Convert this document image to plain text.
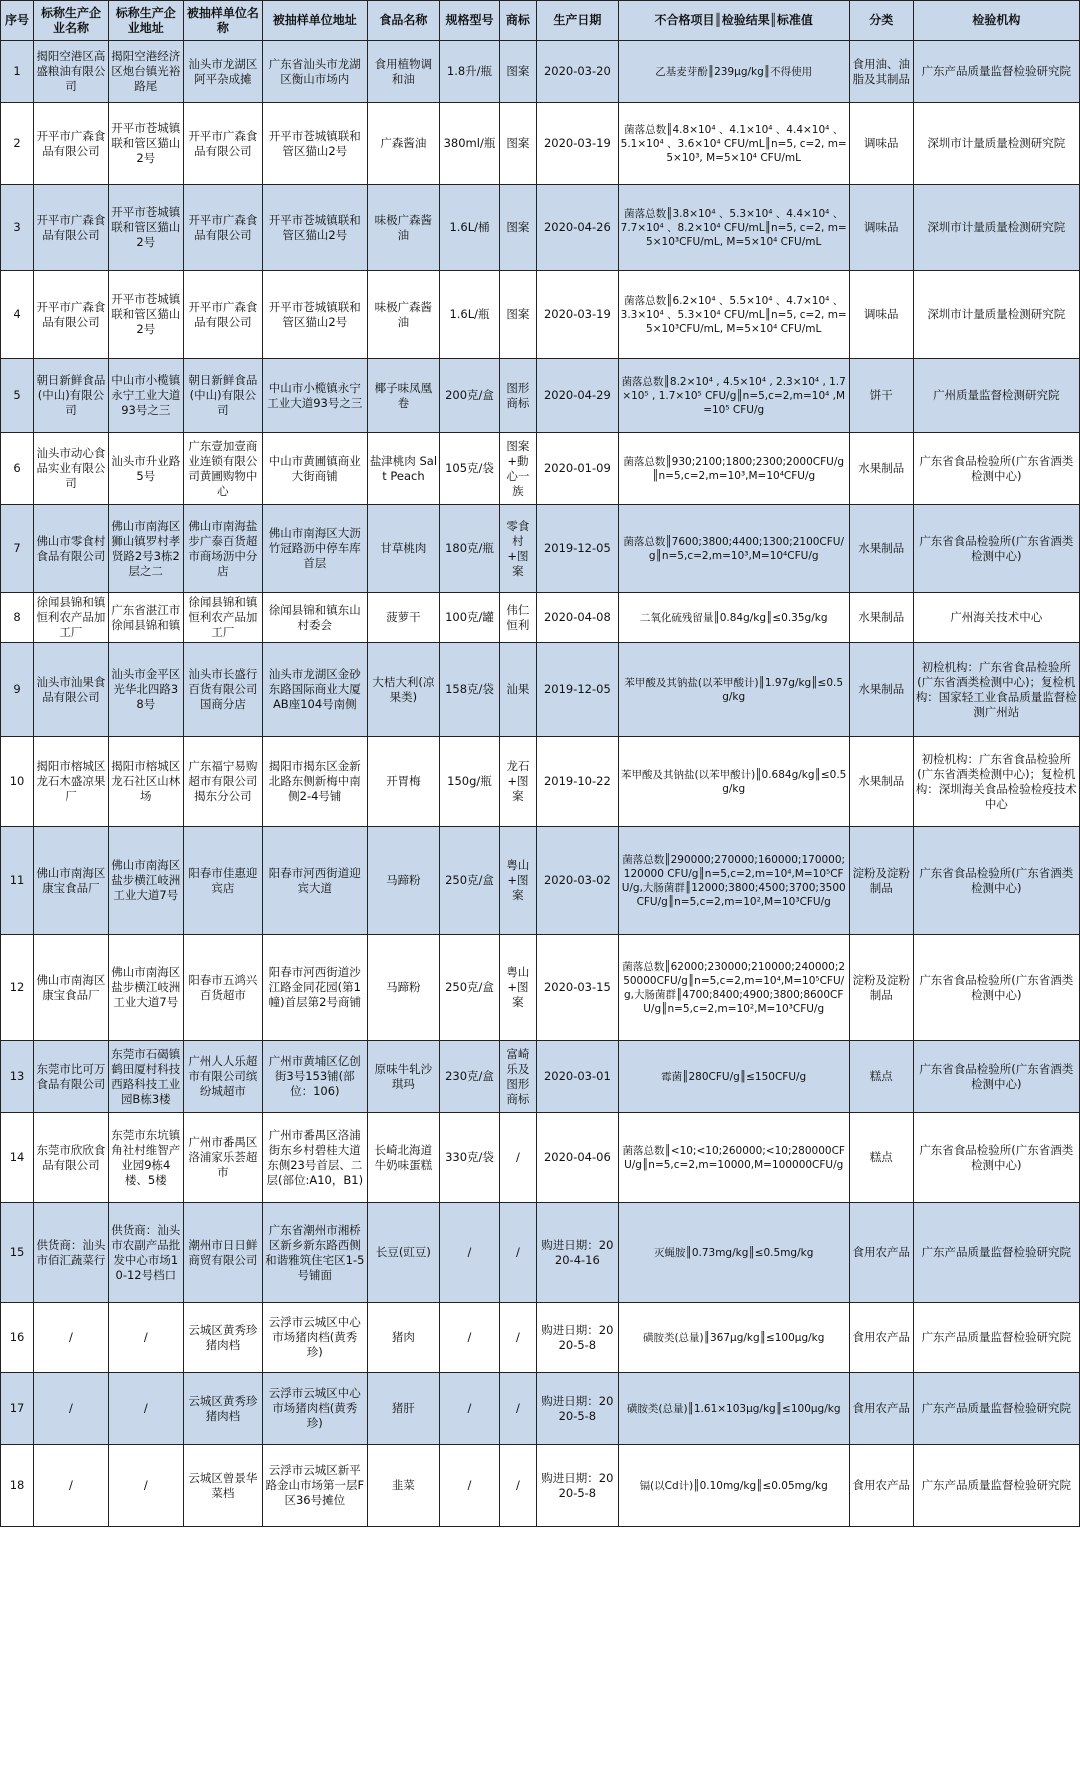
序号	标称生产企业名称	标称生产企业地址	被抽样单位名称	被抽样单位地址	食品名称	规格型号	商标	生产日期	不合格项目║检验结果║标准值	分类	检验机构
1	揭阳空港区高盛粮油有限公司	揭阳空港经济区炮台镇光裕路尾	汕头市龙湖区阿平杂成摊	广东省汕头市龙湖区衡山市场内	食用植物调和油	1.8升/瓶	图案	2020-03-20	乙基麦芽酚║239μg/kg║不得使用	食用油、油脂及其制品	广东产品质量监督检验研究院
2	开平市广森食品有限公司	开平市苍城镇联和管区猫山2号	开平市广森食品有限公司	开平市苍城镇联和管区猫山2号	广森酱油	380ml/瓶	图案	2020-03-19	菌落总数║4.8×10⁴ 、4.1×10⁴ 、4.4×10⁴ 、5.1×10⁴ 、3.6×10⁴ CFU/mL║n=5, c=2, m=5×10³, M=5×10⁴ CFU/mL	调味品	深圳市计量质量检测研究院
3	开平市广森食品有限公司	开平市苍城镇联和管区猫山2号	开平市广森食品有限公司	开平市苍城镇联和管区猫山2号	味极广森酱油	1.6L/桶	图案	2020-04-26	菌落总数║3.8×10⁴ 、5.3×10⁴ 、4.4×10⁴ 、7.7×10⁴ 、8.2×10⁴ CFU/mL║n=5, c=2, m=5×10³CFU/mL, M=5×10⁴ CFU/mL	调味品	深圳市计量质量检测研究院
4	开平市广森食品有限公司	开平市苍城镇联和管区猫山2号	开平市广森食品有限公司	开平市苍城镇联和管区猫山2号	味极广森酱油	1.6L/瓶	图案	2020-03-19	菌落总数║6.2×10⁴ 、5.5×10⁴ 、4.7×10⁴ 、3.3×10⁴ 、5.3×10⁴ CFU/mL║n=5, c=2, m=5×10³CFU/mL, M=5×10⁴ CFU/mL	调味品	深圳市计量质量检测研究院
5	朝日新鲜食品(中山)有限公司	中山市小榄镇永宁工业大道93号之三	朝日新鲜食品(中山)有限公司	中山市小榄镇永宁工业大道93号之三	椰子味凤凰卷	200克/盒	图形商标	2020-04-29	菌落总数║8.2×10⁴ , 4.5×10⁴ , 2.3×10⁴ , 1.7×10⁵ , 1.7×10⁵ CFU/g║n=5,c=2,m=10⁴ ,M=10⁵ CFU/g	饼干	广州质量监督检测研究院
6	汕头市动心食品实业有限公司	汕头市升业路5号	广东壹加壹商业连锁有限公司黄圃购物中心	中山市黄圃镇商业大街商铺	盐津桃肉 Salt Peach	105克/袋	图案+動心一族	2020-01-09	菌落总数║930;2100;1800;2300;2000CFU/g║n=5,c=2,m=10³,M=10⁴CFU/g	水果制品	广东省食品检验所(广东省酒类检测中心)
7	佛山市零食村食品有限公司	佛山市南海区狮山镇罗村孝贤路2号3栋2层之二	佛山市南海盐步广泰百货超市商场沥中分店	佛山市南海区大沥竹冠路沥中停车库首层	甘草桃肉	180克/瓶	零食村+图案	2019-12-05	菌落总数║7600;3800;4400;1300;2100CFU/g║n=5,c=2,m=10³,M=10⁴CFU/g	水果制品	广东省食品检验所(广东省酒类检测中心)
8	徐闻县锦和镇恒利农产品加工厂	广东省湛江市徐闻县锦和镇	徐闻县锦和镇恒利农产品加工厂	徐闻县锦和镇东山村委会	菠萝干	100克/罐	伟仁恒利	2020-04-08	二氧化硫残留量║0.84g/kg║≤0.35g/kg	水果制品	广州海关技术中心
9	汕头市汕果食品有限公司	汕头市金平区光华北四路38号	汕头市长盛行百货有限公司国商分店	汕头市龙湖区金砂东路国际商业大厦AB座104号南侧	大桔大利(凉果类)	158克/袋	汕果	2019-12-05	苯甲酸及其钠盐(以苯甲酸计)║1.97g/kg║≤0.5g/kg	水果制品	初检机构：广东省食品检验所(广东省酒类检测中心)；复检机构：国家轻工业食品质量监督检测广州站
10	揭阳市榕城区龙石木盛凉果厂	揭阳市榕城区龙石社区山林场	广东福宁易购超市有限公司揭东分公司	揭阳市揭东区金新北路东侧新梅中南侧2-4号铺	开胃梅	150g/瓶	龙石+图案	2019-10-22	苯甲酸及其钠盐(以苯甲酸计)║0.684g/kg║≤0.5g/kg	水果制品	初检机构：广东省食品检验所(广东省酒类检测中心)；复检机构：深圳海关食品检验检疫技术中心
11	佛山市南海区康宝食品厂	佛山市南海区盐步横江岐洲工业大道7号	阳春市佳惠迎宾店	阳春市河西街道迎宾大道	马蹄粉	250克/盒	粤山+图案	2020-03-02	菌落总数║290000;270000;160000;170000;120000 CFU/g║n=5,c=2,m=10⁴,M=10⁵CFU/g,大肠菌群║12000;3800;4500;3700;3500CFU/g║n=5,c=2,m=10²,M=10³CFU/g	淀粉及淀粉制品	广东省食品检验所(广东省酒类检测中心)
12	佛山市南海区康宝食品厂	佛山市南海区盐步横江岐洲工业大道7号	阳春市五鸿兴百货超市	阳春市河西街道沙江路金同花园(第1幢)首层第2号商铺	马蹄粉	250克/盒	粤山+图案	2020-03-15	菌落总数║62000;230000;210000;240000;250000CFU/g║n=5,c=2,m=10⁴,M=10⁵CFU/g,大肠菌群║4700;8400;4900;3800;8600CFU/g║n=5,c=2,m=10²,M=10³CFU/g	淀粉及淀粉制品	广东省食品检验所(广东省酒类检测中心)
13	东莞市比可万食品有限公司	东莞市石碣镇鹤田厦村科技西路科技工业园B栋3楼	广州人人乐超市有限公司缤纷城超市	广州市黄埔区亿创街3号153铺(部位：106)	原味牛轧沙琪玛	230克/盒	富崎乐及图形商标	2020-03-01	霉菌║280CFU/g║≤150CFU/g	糕点	广东省食品检验所(广东省酒类检测中心)
14	东莞市欣欣食品有限公司	东莞市东坑镇角社村维智产业园9栋4楼、5楼	广州市番禺区洛浦家乐荟超市	广州市番禺区洛浦街东乡村碧桂大道东侧23号首层、二层(部位:A10，B1)	长崎北海道牛奶味蛋糕	330克/袋	/	2020-04-06	菌落总数║<10;<10;260000;<10;280000CFU/g║n=5,c=2,m=10000,M=100000CFU/g	糕点	广东省食品检验所(广东省酒类检测中心)
15	供货商：汕头市佰汇蔬菜行	供货商：汕头市农副产品批发中心市场10-12号档口	潮州市日日鲜商贸有限公司	广东省潮州市湘桥区新乡新东路西侧和谐雅筑住宅区1-5号铺面	长豆(豇豆)	/	/	购进日期：2020-4-16	灭蝇胺║0.73mg/kg║≤0.5mg/kg	食用农产品	广东产品质量监督检验研究院
16	/	/	云城区黄秀珍猪肉档	云浮市云城区中心市场猪肉档(黄秀珍)	猪肉	/	/	购进日期：2020-5-8	磺胺类(总量)║367μg/kg║≤100μg/kg	食用农产品	广东产品质量监督检验研究院
17	/	/	云城区黄秀珍猪肉档	云浮市云城区中心市场猪肉档(黄秀珍)	猪肝	/	/	购进日期：2020-5-8	磺胺类(总量)║1.61×103μg/kg║≤100μg/kg	食用农产品	广东产品质量监督检验研究院
18	/	/	云城区曾景华菜档	云浮市云城区新平路金山市场第一层F区36号摊位	韭菜	/	/	购进日期：2020-5-8	镉(以Cd计)║0.10mg/kg║≤0.05mg/kg	食用农产品	广东产品质量监督检验研究院
